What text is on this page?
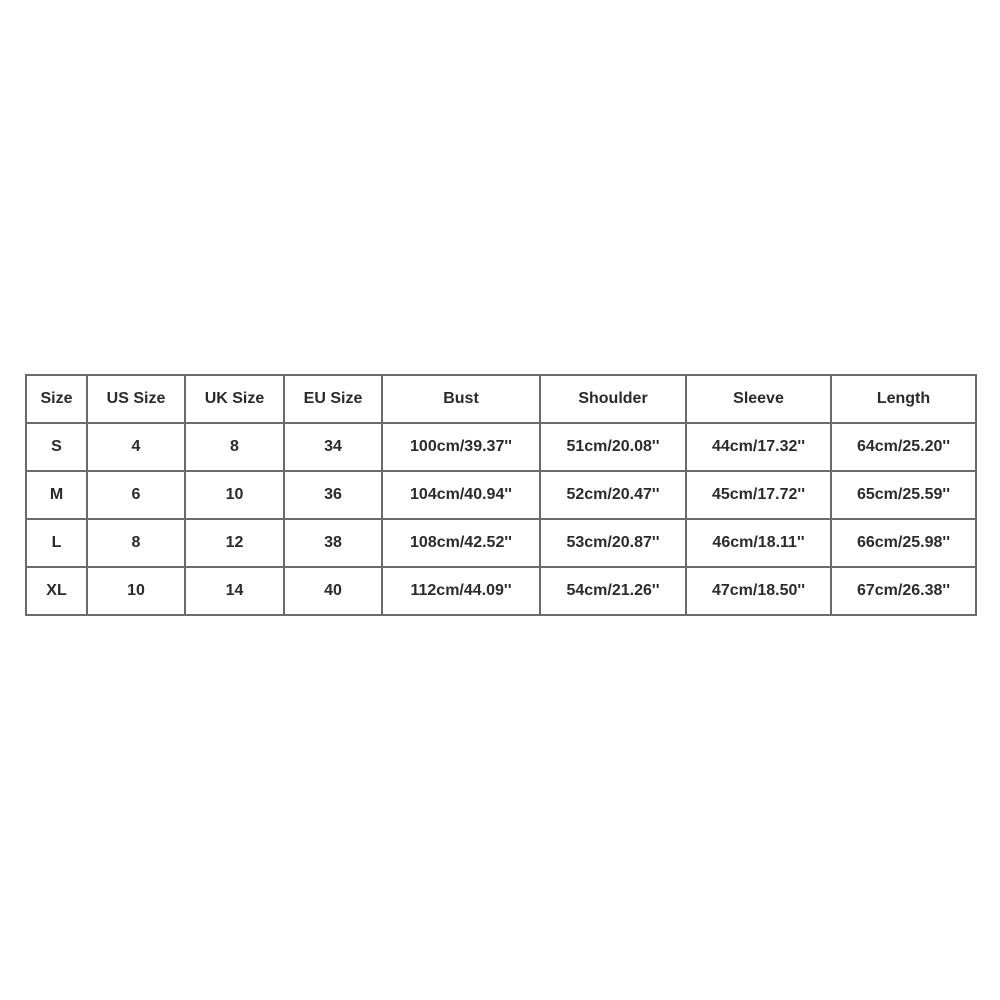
Size	US Size	UK Size	EU Size	Bust	Shoulder	Sleeve	Length
S	4	8	34	100cm/39.37''	51cm/20.08''	44cm/17.32''	64cm/25.20''
M	6	10	36	104cm/40.94''	52cm/20.47''	45cm/17.72''	65cm/25.59''
L	8	12	38	108cm/42.52''	53cm/20.87''	46cm/18.11''	66cm/25.98''
XL	10	14	40	112cm/44.09''	54cm/21.26''	47cm/18.50''	67cm/26.38''
